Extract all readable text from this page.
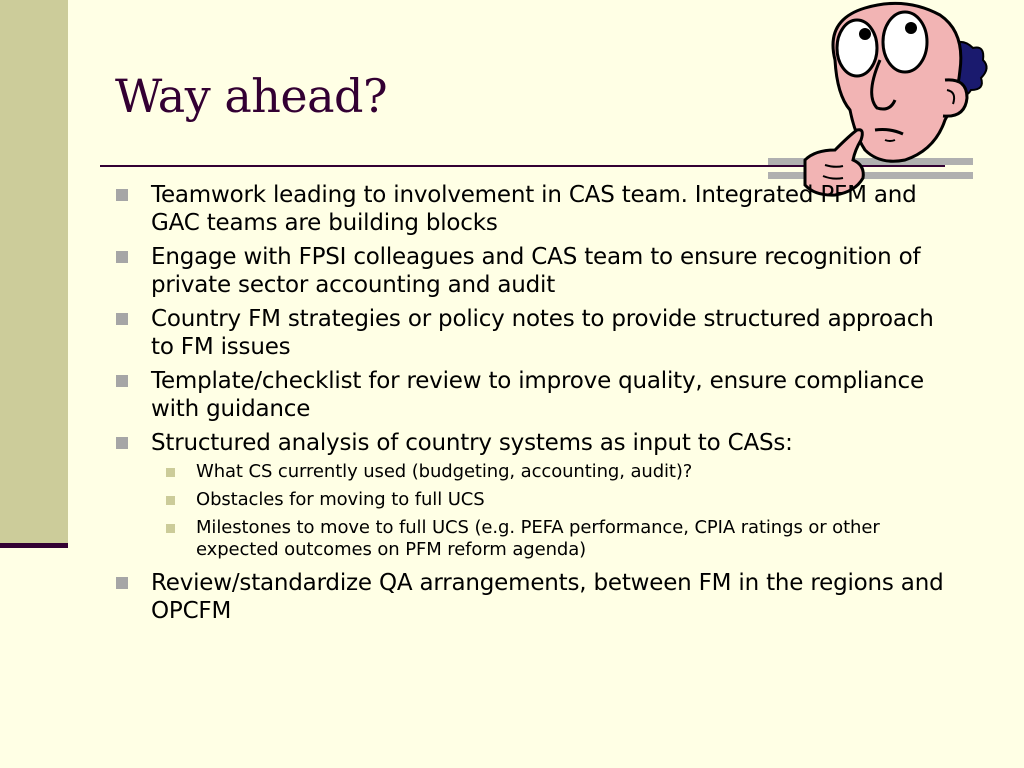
Way ahead?
Teamwork leading to involvement in CAS team. Integrated PFM and GAC teams are building blocks
Engage with FPSI colleagues and CAS team to ensure recognition of private sector accounting and audit
Country FM strategies or policy notes to provide structured approach to FM issues
Template/checklist for review to improve quality, ensure compliance with guidance
Structured analysis of country systems as input to CASs:
What CS currently used (budgeting, accounting, audit)?
Obstacles for moving to full UCS
Milestones to move to full UCS (e.g. PEFA performance, CPIA ratings or other expected outcomes on PFM reform agenda)
Review/standardize QA arrangements, between FM in the regions and OPCFM
